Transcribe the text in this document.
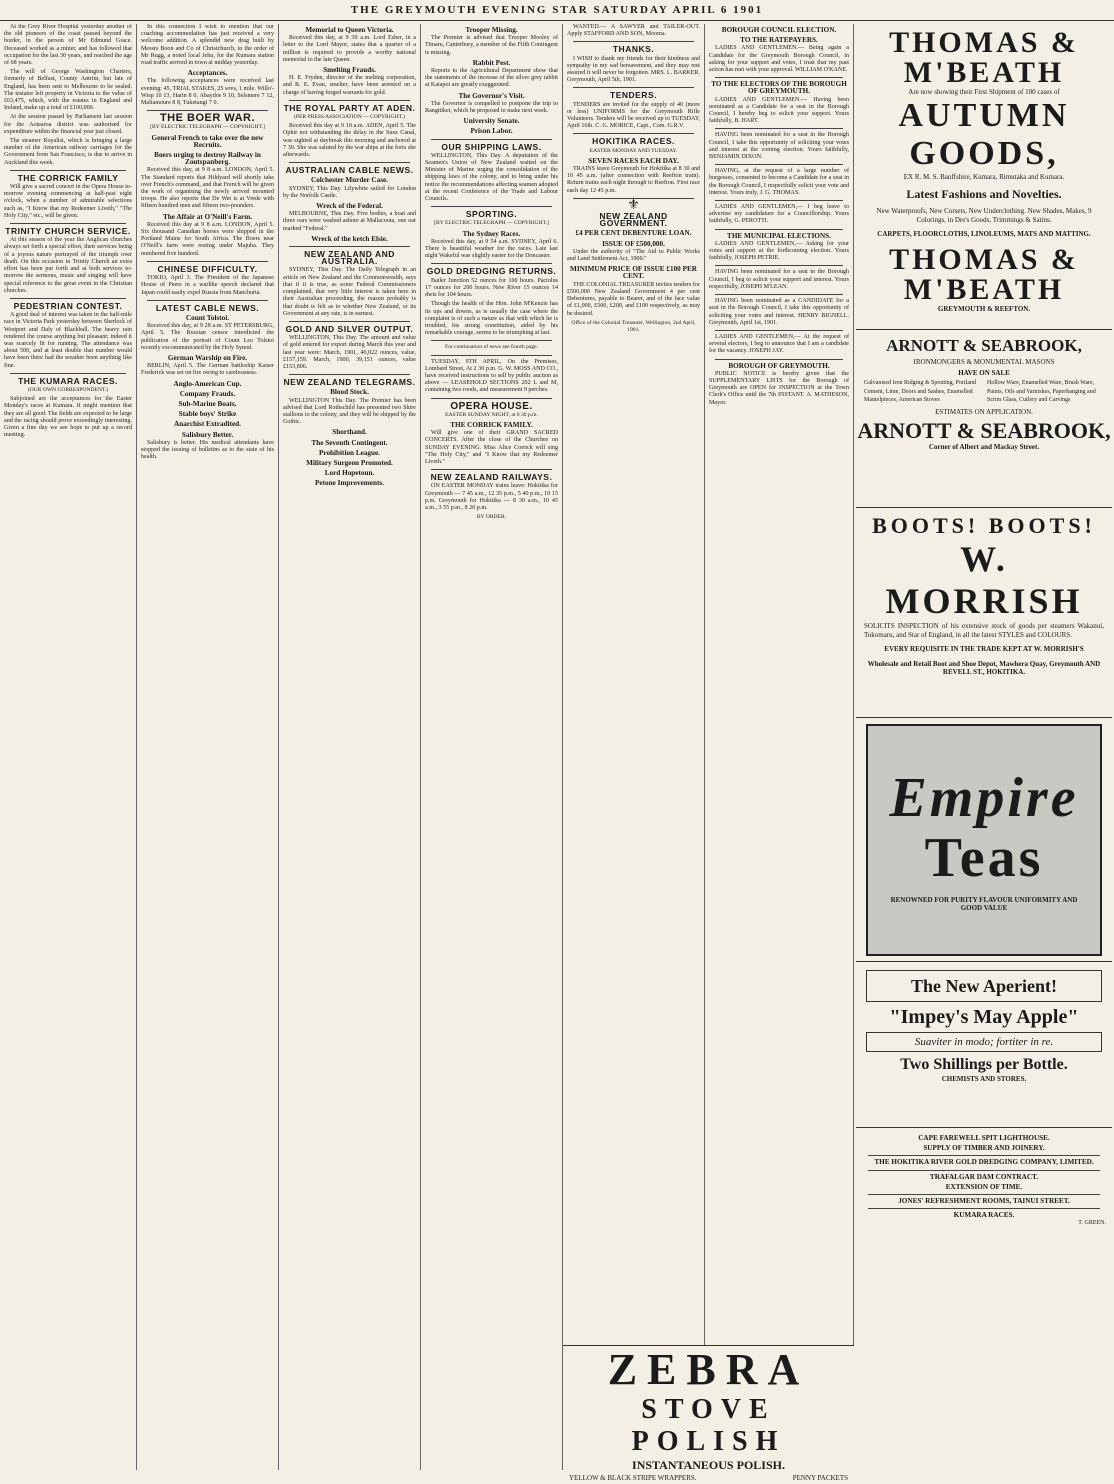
THE GREYMOUTH EVENING STAR SATURDAY APRIL 6 1901

At the Grey River Hospital yesterday another of the old pioneers of the coast passed beyond the border, in the person of Mr Edmund Grace. Deceased worked as a miner, and has followed that occupation for the last 30 years, and reached the age of 68 years.

The will of George Washington Charters, formerly of Belfast, County Antrim, but late of England, has been sent to Melbourne to be sealed. The testator left property in Victoria to the value of £63,475, which, with the estates in England and Ireland, make up a total of £100,000.

At the session passed by Parliament last session for the Aotearoa district was authorised for expenditure within the financial year just closed.

The steamer Royalist, which is bringing a large number of the American railway carriages for the Government from San Francisco, is due to arrive in Auckland this week.

THE CORRICK FAMILY

Will give a sacred concert in the Opera House to-morrow evening commencing at half-past eight o'clock, when a number of admirable selections such as, "I Know that my Redeemer Liveth," "The Holy City," etc., will be given.

TRINITY CHURCH SERVICE.

At this season of the year the Anglican churches always set forth a special effort, their services being of a joyous nature portrayed of the triumph over death. On this occasion in Trinity Church an extra effort has been put forth and at both services to-morrow the sermons, music and singing will have special reference to the great event in the Christian churches.

PEDESTRIAN CONTEST.

A good deal of interest was taken in the half-mile race in Victoria Park yesterday between Sherlock of Westport and Daly of Blackball. The heavy rain rendered the course anything but pleasant; indeed it was scarcely fit for running. The attendance was about 500, and at least double that number would have been there had the weather been anything like fine.

THE KUMARA RACES.
(OUR OWN CORRESPONDENT.)

Subjoined are the acceptances for the Easter Monday's races at Kumara. It might mention that they are all good. The fields are expected to be large and the racing should prove exceedingly interesting. Given a fine day we see hope to put up a record meeting.

In this connection I wish to mention that our coaching accommodation has just received a very welcome addition. A splendid new drag built by Messrs Boon and Co of Christchurch, to the order of Mr Rugg, a noted local Jehu, for the Kumara station road traffic arrived in town at midday yesterday.

Acceptances.

The following acceptances were received last evening: 45, TRIAL STAKES, 25 sovs, 1 mile. Willo'-Wisp 10 13, Harin 8 0, Abaydos 9 10, Selsmere 7 12, Maliamoure 8 8, Tuketangi 7 0.

THE BOER WAR.
[BY ELECTRIC TELEGRAPH — COPYRIGHT.]
General French to take over the new Recruits.
Boers urging to destroy Railway in Zoutspanberg.

Received this day, at 9 8 a.m. LONDON, April 5. The Standard reports that Hildyard will shortly take over French's command, and that French will be given the work of organising the newly arrived mounted troops. He also reports that De Wet is at Vrede with fifteen hundred men and fifteen two-pounders.

The Affair at O'Neill's Farm.

Received this day at 9 8 a.m. LONDON, April 5. Six thousand Canadian horses were shipped in the Portland Maine for South Africa. The Boers near O'Neill's farm were resting under Majuba. They numbered five hundred.

CHINESE DIFFICULTY.

TOKIO, April 3. The President of the Japanese House of Peers in a warlike speech declared that Japan could easily expel Russia from Manchuria.

LATEST CABLE NEWS.
Count Tolstoi.

Received this day, at 9 28 a.m. ST PETERSBURG, April 5. The Russian censor interdicted the publication of the portrait of Count Leo Tolstoi recently excommunicated by the Holy Synod.

German Warship on Fire.

BERLIN, April 5. The German battleship Kaiser Frederick was set on fire owing to carelessness.

Anglo-American Cup.
Company Frauds.
Sub-Marine Boats.
Stable boys' Strike
Anarchist Extradited.
Salisbury Better.

Salisbury is better. His medical attendants have stopped the issuing of bulletins as to the state of his health.

Memorial to Queen Victoria.

Received this day, at 9 39 a.m. Lord Esher, in a letter to the Lord Mayor, states that a quarter of a million is required to provide a worthy national memorial to the late Queen.

Smelting Frauds.

H. E. Fryden, director of the melting corporation, and R. E. Evan, smelter, have been arrested on a charge of having forged warrants for gold.

THE ROYAL PARTY AT ADEN.
(PER PRESS ASSOCIATION — COPYRIGHT.)

Received this day at 9 10 a.m. ADEN, April 5. The Ophir not withstanding the delay in the Suez Canal, was sighted at daybreak this morning and anchored at 7 30. She was saluted by the war ships at the forts she afterwards.

AUSTRALIAN CABLE NEWS.
Colchester Murder Case.

SYDNEY, This Day. Lilywhite sailed for London by the Norfolk Castle.

Wreck of the Federal.

MELBOURNE, This Day. Five bodies, a boat and three oars were washed ashore at Mallacoota, one oar marked "Federal."

Wreck of the ketch Elsie.
NEW ZEALAND AND AUSTRALIA.

SYDNEY, This Day. The Daily Telegraph in an article on New Zealand and the Commonwealth, says that if it is true, as some Federal Commissioners complained, that very little interest is taken here in their Australian proceeding, the reason probably is that doubt is felt as to whether New Zealand, or its Government at any rate, is in earnest.

GOLD AND SILVER OUTPUT.

WELLINGTON, This Day. The amount and value of gold entered for export during March this year and last year were: March, 1901, 40,022 ounces, value, £157,159. March, 1900, 39,151 ounces, value £153,806.

NEW ZEALAND TELEGRAMS.
Blood Stock.

WELLINGTON This Day. The Premier has been advised that Lord Rothschild has presented two Shire stallions to the colony, and they will be shipped by the Gothic.

Shorthand.
The Seventh Contingent.
Prohibition League.
Military Surgeon Promoted.
Lord Hopetoun.
Petone Improvements.
Trooper Missing.

The Premier is advised that Trooper Mooley of Timaru, Canterbury, a member of the Fifth Contingent is missing.

Rabbit Pest.

Reports to the Agricultural Department show that the statements of the increase of the silver grey rabbit at Kaiapoi are greatly exaggerated.

The Governor's Visit.

The Governor is compelled to postpone the trip to Rangitikei, which he proposed to make next week.

University Senate.
Prison Labor.
OUR SHIPPING LAWS.

WELLINGTON, This Day. A deputation of the Seamen's Union of New Zealand waited on the Minister of Marine urging the consolidation of the shipping laws of the colony, and to bring under his notice the recommendations affecting seamen adopted at the recent Conference of the Trade and Labour Councils.

SPORTING.
[BY ELECTRIC TELEGRAPH — COPYRIGHT.]
The Sydney Races.

Received this day, at 9 54 a.m. SYDNEY, April 6. There is beautiful weather for the races. Late last night Wakeful was slightly easier for the Doncaster.

GOLD DREDGING RETURNS.

Bailer Junction 52 ounces for 100 hours. Pactolus 17 ounces for 200 hours. New River 15 ounces 14 dwts for 104 hours.

Though the health of the Hon. John M'Kenzie has its ups and downs, as is usually the case where the complaint is of such a nature as that with which he is troubled, his strong constitution, aided by his remarkable courage, seems to be triumphing at last.

For continuation of news see fourth page.

TUESDAY, 9TH APRIL, On the Premises, Lombard Street, At 2 30 p.m. G. W. MOSS AND CO., have received instructions to sell by public auction as above — LEASEHOLD SECTIONS 202 L and M, containing two roods, and measurement 9 perches.

OPERA HOUSE.
EASTER SUNDAY NIGHT, at 8 30 p.m.
THE CORRICK FAMILY.

Will give one of their GRAND SACRED CONCERTS. After the close of the Churches on SUNDAY EVENING. Miss Alice Corrick will sing "The Holy City," and "I Know that my Redeemer Liveth."

NEW ZEALAND RAILWAYS.

ON EASTER MONDAY trains leave: Hokitika for Greymouth — 7 45 a.m., 12 35 p.m., 5 40 p.m., 10 15 p.m. Greymouth for Hokitika — 8 30 a.m., 10 45 a.m., 3 55 p.m., 8 20 p.m.

BY ORDER.

WANTED.— A SAWYER and TAILER-OUT. Apply STAFFORD AND SON, Mooma.

THANKS.

I WISH to thank my friends for their kindness and sympathy in my sad bereavement, and they may rest assured it will never be forgotten. MRS. L. BARKER. Greymouth, April 5th, 1901.

TENDERS.

TENDERS are invited for the supply of 40 (more or less) UNIFORMS for the Greymouth Rifle Volunteers. Tenders will be received up to TUESDAY, April 16th. C. G. MORICE, Capt., Com. G.R.V.

HOKITIKA RACES.
EASTER MONDAY AND TUESDAY.
SEVEN RACES EACH DAY.

TRAINS leave Greymouth for Hokitika at 8 30 and 10 45 a.m. (after connection with Reefton train). Return trains each night through to Reefton. First race each day 12 45 p.m.

⚜
NEW ZEALAND GOVERNMENT.
£4 PER CENT DEBENTURE LOAN.
ISSUE OF £500,000.

Under the authority of "The Aid to Public Works and Land Settlement Act, 1900."

MINIMUM PRICE OF ISSUE £100 PER CENT.

THE COLONIAL TREASURER invites tenders for £500,000 New Zealand Government 4 per cent Debentures, payable to Bearer, and of the face value of £1,000, £500, £200, and £100 respectively, as may be desired.

Office of the Colonial Treasurer, Wellington, 2nd April, 1901.
BOROUGH COUNCIL ELECTION.
TO THE RATEPAYERS.

LADIES AND GENTLEMEN.— Being again a Candidate for the Greymouth Borough Council, in asking for your support and votes, I trust that my past action has met with your approval. WILLIAM O'KANE.

TO THE ELECTORS OF THE BOROUGH OF GREYMOUTH.

LADIES AND GENTLEMEN.— Having been nominated as a Candidate for a seat in the Borough Council, I hereby beg to solicit your support. Yours faithfully, B. HART.

HAVING been nominated for a seat in the Borough Council, I take this opportunity of soliciting your votes and interest at the coming election. Yours faithfully, BENJAMIN DIXON.

HAVING, at the request of a large number of burgesses, consented to become a Candidate for a seat in the Borough Council, I respectfully solicit your vote and interest. Yours truly, J. G. THOMAS.

LADIES AND GENTLEMEN,— I beg leave to advertise my candidature for a Councillorship. Yours faithfully, G. PEROTTI.

THE MUNICIPAL ELECTIONS.

LADIES AND GENTLEMEN,— Asking for your votes and support at the forthcoming election. Yours faithfully, JOSEPH PETRIE.

HAVING been nominated for a seat in the Borough Council, I beg to solicit your support and interest. Yours respectfully, JOSEPH M'LEAN.

HAVING been nominated as a CANDIDATE for a seat in the Borough Council, I take this opportunity of soliciting your votes and interest. HENRY BIGNELL. Greymouth, April 1st, 1901.

LADIES AND GENTLEMEN,— At the request of several electors, I beg to announce that I am a candidate for the vacancy. JOSEPH JAY.

BOROUGH OF GREYMOUTH.

PUBLIC NOTICE is hereby given that the SUPPLEMENTARY LISTS for the Borough of Greymouth are OPEN for INSPECTION at the Town Clerk's Office until the 7th INSTANT. A. MATHESON, Mayor.

THOMAS & M'BEATH
Are now showing their First Shipment of 100 cases of
AUTUMN GOODS,
EX R. M. S. Banffshire, Kumara, Rimutaka and Kumara.
Latest Fashions and Novelties.
New Waterproofs, New Corsets, New Underclothing. New Shades, Makes, 9 Colorings, in Dre's Goods, Trimmings & Satins.
CARPETS, FLOORCLOTHS, LINOLEUMS, MATS AND MATTING.
THOMAS & M'BEATH
GREYMOUTH & REEFTON.
ARNOTT & SEABROOK,
IRONMONGERS & MONUMENTAL MASONS
HAVE ON SALE
Galvanised Iron Ridging & Spouting, Portland Cement, Lime, Doors and Sashes, Enamelled Mantelpieces, American Stoves
Hollow Ware, Enamelled Ware, Brush Ware, Paints, Oils and Varnishes, Paperhanging and Scrim Glass, Cutlery and Carvings
ESTIMATES ON APPLICATION.
ARNOTT & SEABROOK,
Corner of Albert and Mackay Street.
BOOTS! BOOTS!
W. MORRISH
SOLICITS INSPECTION of his extensive stock of goods per steamers Wakanui, Tokomaru, and Star of England, in all the latest STYLES and COLOURS.
EVERY REQUISITE IN THE TRADE KEPT AT W. MORRISH'S
Wholesale and Retail Boot and Shoe Depot, Mawhera Quay, Greymouth AND REVELL ST., HOKITIKA.
Empire
Teas
RENOWNED FOR PURITY FLAVOUR UNIFORMITY AND GOOD VALUE
The New Aperient!
"Impey's May Apple"
Suaviter in modo; fortiter in re.
Two Shillings per Bottle.
CHEMISTS AND STORES.
CAPE FAREWELL SPIT LIGHTHOUSE.
SUPPLY OF TIMBER AND JOINERY.
THE HOKITIKA RIVER GOLD DREDGING COMPANY, LIMITED.
TRAFALGAR DAM CONTRACT.
EXTENSION OF TIME.
JONES' REFRESHMENT ROOMS, TAINUI STREET.
KUMARA RACES.
T. GREEN.
ZEBRA
STOVE POLISH
INSTANTANEOUS POLISH.
YELLOW & BLACK STRIPE WRAPPERS.	PENNY PACKETS
